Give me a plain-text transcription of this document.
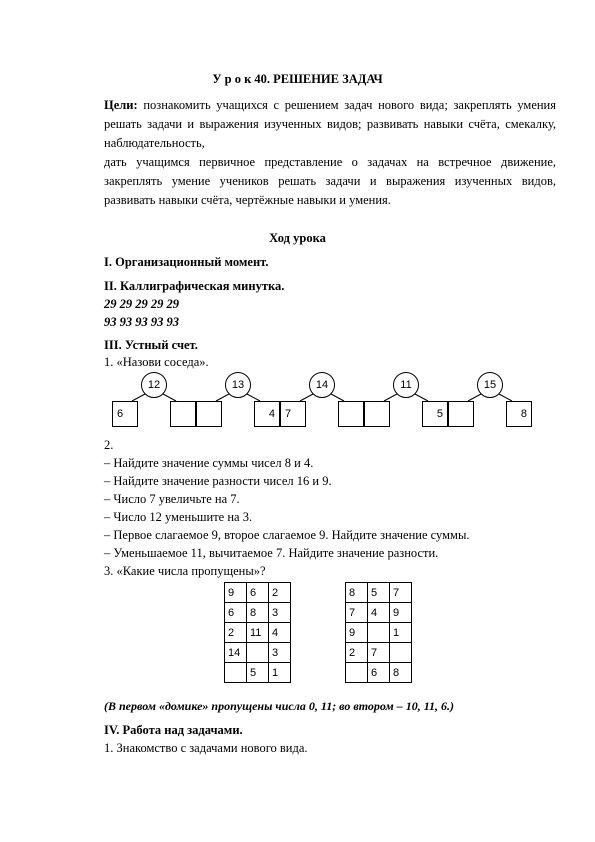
У р о к 40. РЕШЕНИЕ ЗАДАЧ
Цели: познакомить учащихся с решением задач нового вида; закреплять умения решать задачи и выражения изученных видов; развивать навыки счёта, смекалку, наблюдательность,
дать учащимся первичное представление о задачах на встречное движение, закреплять умение учеников решать задачи и выражения изученных видов, развивать навыки счёта, чертёжные навыки и умения.
Ход урока
I. Организационный момент.
II. Каллиграфическая минутка.
29 29 29 29 29
93 93 93 93 93
III. Устный счет.
1. «Назови соседа».
12
6
13
4
14
7
11
5
15
8
2.
– Найдите значение суммы чисел 8 и 4.
– Найдите значение разности чисел 16 и 9.
– Число 7 увеличьте на 7.
– Число 12 уменьшите на 3.
– Первое слагаемое 9, второе слагаемое 9. Найдите значение суммы.
– Уменьшаемое 11, вычитаемое 7. Найдите значение разности.
3. «Какие числа пропущены»?
9	6	2
6	8	3
2	11	4
14		3
	5	1
8	5	7
7	4	9
9		1
2	7	
	6	8
(В первом «домике» пропущены числа 0, 11; во втором – 10, 11, 6.)
IV. Работа над задачами.
1. Знакомство с задачами нового вида.
